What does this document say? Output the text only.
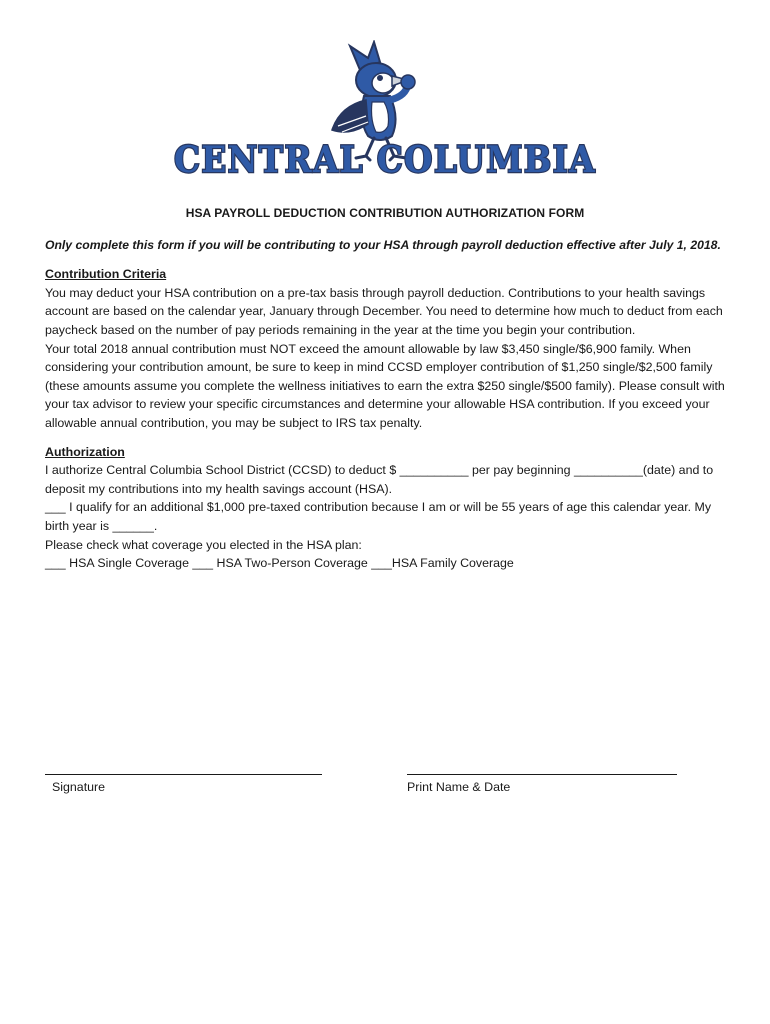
CENTRAL COLUMBIA
HSA PAYROLL DEDUCTION CONTRIBUTION AUTHORIZATION FORM
Only complete this form if you will be contributing to your HSA through payroll deduction effective after July 1, 2018.
Contribution Criteria

You may deduct your HSA contribution on a pre-tax basis through payroll deduction. Contributions to your health savings account are based on the calendar year, January through December. You need to determine how much to deduct from each paycheck based on the number of pay periods remaining in the year at the time you begin your contribution.

Your total 2018 annual contribution must NOT exceed the amount allowable by law $3,450 single/$6,900 family. When considering your contribution amount, be sure to keep in mind CCSD employer contribution of $1,250 single/$2,500 family (these amounts assume you complete the wellness initiatives to earn the extra $250 single/$500 family). Please consult with your tax advisor to review your specific circumstances and determine your allowable HSA contribution. If you exceed your allowable annual contribution, you may be subject to IRS tax penalty.

Authorization

I authorize Central Columbia School District (CCSD) to deduct $ __________ per pay beginning __________(date) and to deposit my contributions into my health savings account (HSA).

___ I qualify for an additional $1,000 pre-taxed contribution because I am or will be 55 years of age this calendar year. My birth year is ______.

Please check what coverage you elected in the HSA plan:

___ HSA Single Coverage ___ HSA Two-Person Coverage ___HSA Family Coverage

Signature	Print Name & Date
